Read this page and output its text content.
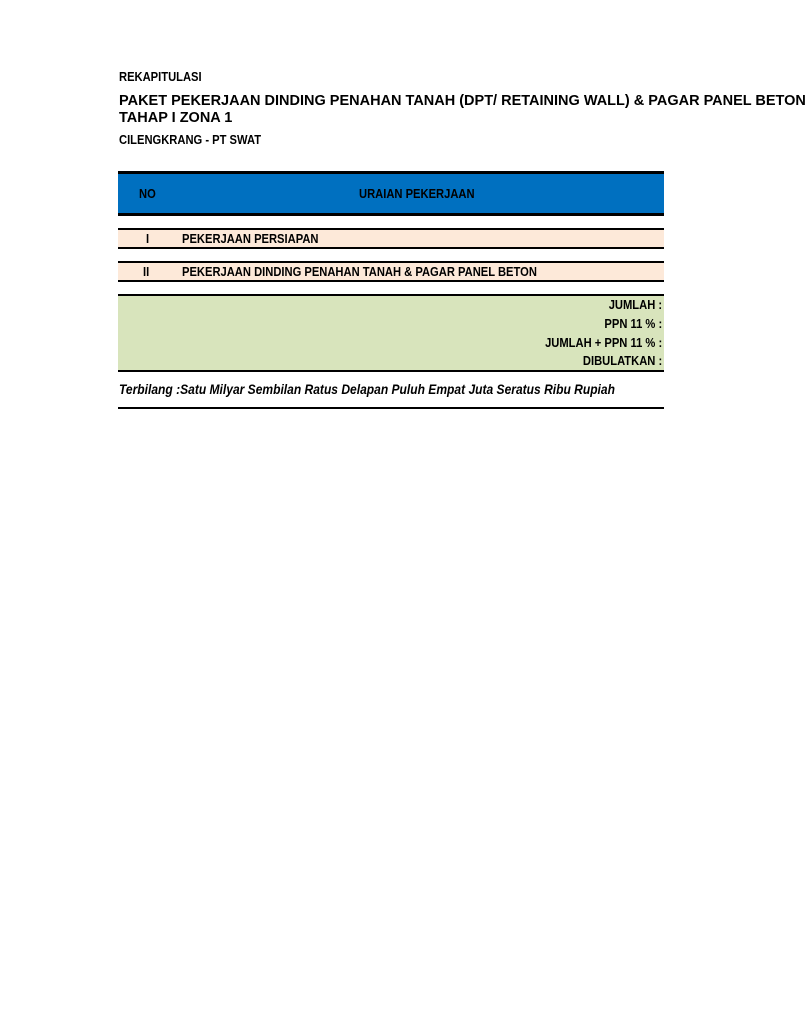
REKAPITULASI
PAKET PEKERJAAN DINDING PENAHAN TANAH (DPT/ RETAINING WALL) & PAGAR PANEL BETON
TAHAP I ZONA 1
CILENGKRANG - PT SWAT
NO	URAIAN PEKERJAAN
I	PEKERJAAN PERSIAPAN
II	PEKERJAAN DINDING PENAHAN TANAH & PAGAR PANEL BETON
JUMLAH :
PPN 11 % :
JUMLAH + PPN 11 % :
DIBULATKAN :
Terbilang :Satu Milyar Sembilan Ratus Delapan Puluh Empat Juta Seratus Ribu Rupiah
